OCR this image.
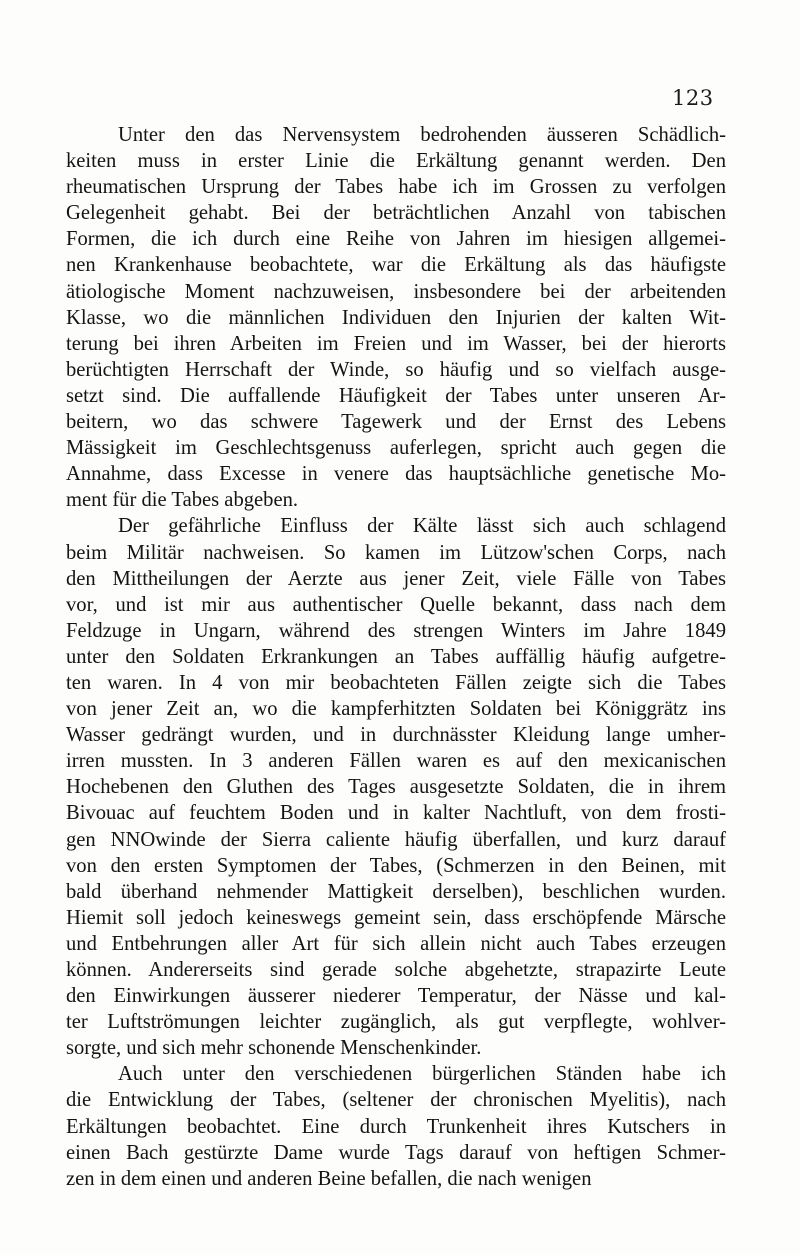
123
Unter den das Nervensystem bedrohenden äusseren Schädlich-
keiten muss in erster Linie die Erkältung genannt werden. Den
rheumatischen Ursprung der Tabes habe ich im Grossen zu verfolgen
Gelegenheit gehabt. Bei der beträchtlichen Anzahl von tabischen
Formen, die ich durch eine Reihe von Jahren im hiesigen allgemei-
nen Krankenhause beobachtete, war die Erkältung als das häufigste
ätiologische Moment nachzuweisen, insbesondere bei der arbeitenden
Klasse, wo die männlichen Individuen den Injurien der kalten Wit-
terung bei ihren Arbeiten im Freien und im Wasser, bei der hierorts
berüchtigten Herrschaft der Winde, so häufig und so vielfach ausge-
setzt sind. Die auffallende Häufigkeit der Tabes unter unseren Ar-
beitern, wo das schwere Tagewerk und der Ernst des Lebens
Mässigkeit im Geschlechtsgenuss auferlegen, spricht auch gegen die
Annahme, dass Excesse in venere das hauptsächliche genetische Mo-
ment für die Tabes abgeben.
Der gefährliche Einfluss der Kälte lässt sich auch schlagend
beim Militär nachweisen. So kamen im Lützow'schen Corps, nach
den Mittheilungen der Aerzte aus jener Zeit, viele Fälle von Tabes
vor, und ist mir aus authentischer Quelle bekannt, dass nach dem
Feldzuge in Ungarn, während des strengen Winters im Jahre 1849
unter den Soldaten Erkrankungen an Tabes auffällig häufig aufgetre-
ten waren. In 4 von mir beobachteten Fällen zeigte sich die Tabes
von jener Zeit an, wo die kampferhitzten Soldaten bei Königgrätz ins
Wasser gedrängt wurden, und in durchnässter Kleidung lange umher-
irren mussten. In 3 anderen Fällen waren es auf den mexicanischen
Hochebenen den Gluthen des Tages ausgesetzte Soldaten, die in ihrem
Bivouac auf feuchtem Boden und in kalter Nachtluft, von dem frosti-
gen NNOwinde der Sierra caliente häufig überfallen, und kurz darauf
von den ersten Symptomen der Tabes, (Schmerzen in den Beinen, mit
bald überhand nehmender Mattigkeit derselben), beschlichen wurden.
Hiemit soll jedoch keineswegs gemeint sein, dass erschöpfende Märsche
und Entbehrungen aller Art für sich allein nicht auch Tabes erzeugen
können. Andererseits sind gerade solche abgehetzte, strapazirte Leute
den Einwirkungen äusserer niederer Temperatur, der Nässe und kal-
ter Luftströmungen leichter zugänglich, als gut verpflegte, wohlver-
sorgte, und sich mehr schonende Menschenkinder.
Auch unter den verschiedenen bürgerlichen Ständen habe ich
die Entwicklung der Tabes, (seltener der chronischen Myelitis), nach
Erkältungen beobachtet. Eine durch Trunkenheit ihres Kutschers in
einen Bach gestürzte Dame wurde Tags darauf von heftigen Schmer-
zen in dem einen und anderen Beine befallen, die nach wenigen
